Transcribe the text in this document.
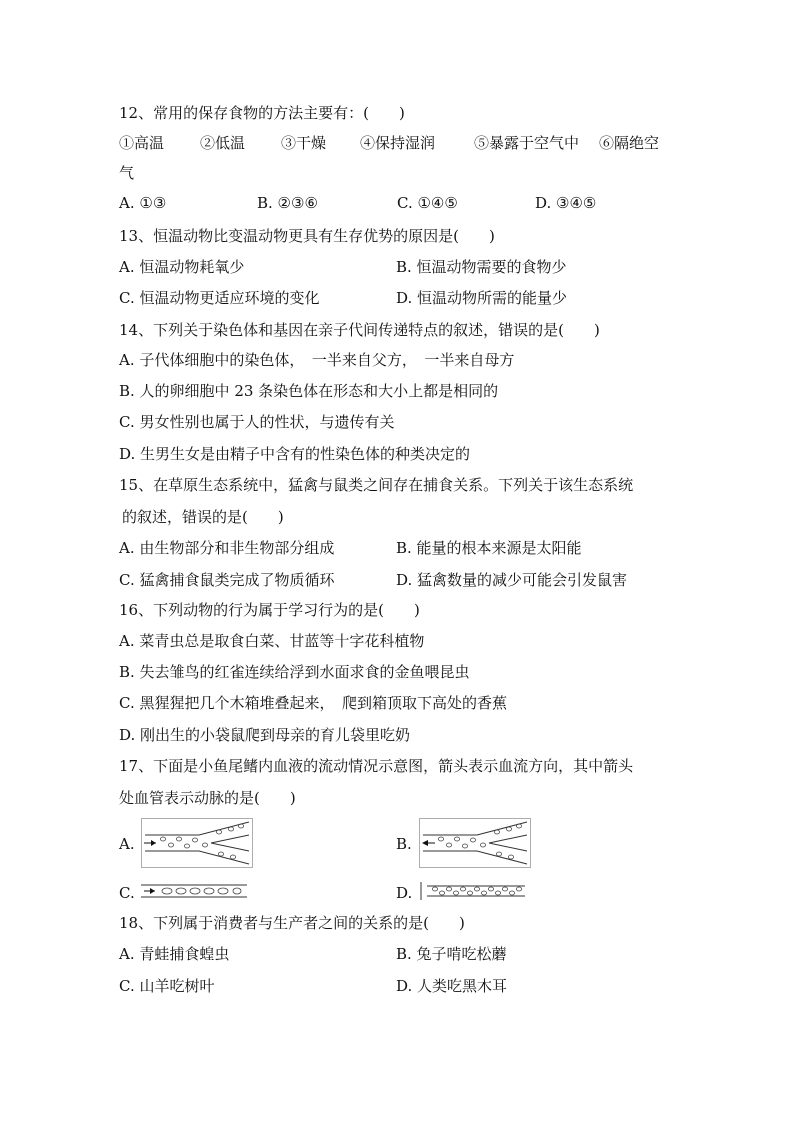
12、常用的保存食物的方法主要有：(　　)
①高温 ②低温 ③干燥 ④保持湿润	⑤暴露于空气中 ⑥隔绝空
气
A. ①③	B. ②③⑥	C. ①④⑤	D. ③④⑤
13、恒温动物比变温动物更具有生存优势的原因是(　　)
A. 恒温动物耗氧少	B. 恒温动物需要的食物少
C. 恒温动物更适应环境的变化	D. 恒温动物所需的能量少
14、下列关于染色体和基因在亲子代间传递特点的叙述，错误的是(　　)
A. 子代体细胞中的染色体，　一半来自父方，　一半来自母方
B. 人的卵细胞中 23 条染色体在形态和大小上都是相同的
C. 男女性别也属于人的性状，与遗传有关
D. 生男生女是由精子中含有的性染色体的种类决定的
15、在草原生态系统中，猛禽与鼠类之间存在捕食关系。下列关于该生态系统
的叙述，错误的是(　　)
A. 由生物部分和非生物部分组成	B. 能量的根本来源是太阳能
C. 猛禽捕食鼠类完成了物质循环	D. 猛禽数量的减少可能会引发鼠害
16、下列动物的行为属于学习行为的是(　　)
A. 菜青虫总是取食白菜、甘蓝等十字花科植物
B. 失去雏鸟的红雀连续给浮到水面求食的金鱼喂昆虫
C. 黑猩猩把几个木箱堆叠起来，　爬到箱顶取下高处的香蕉
D. 刚出生的小袋鼠爬到母亲的育儿袋里吃奶
17、下面是小鱼尾鳍内血液的流动情况示意图，箭头表示血流方向，其中箭头
处血管表示动脉的是(　　)
A.	B.
C.	D.
18、下列属于消费者与生产者之间的关系的是(　　)
A. 青蛙捕食蝗虫	B. 兔子啃吃松蘑
C. 山羊吃树叶	D. 人类吃黑木耳
